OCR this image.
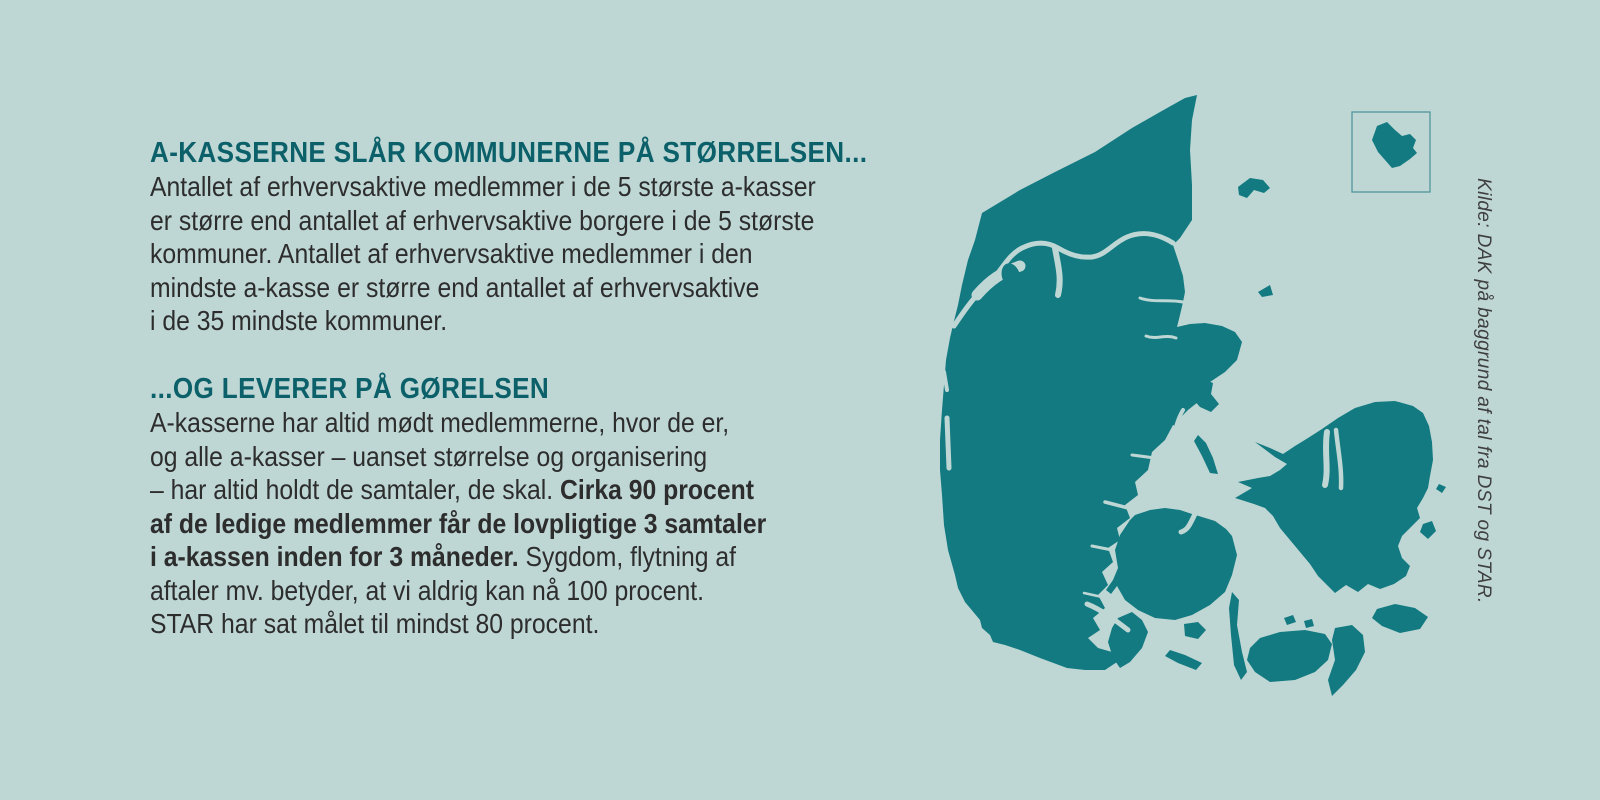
A-KASSERNE SLÅR KOMMUNERNE PÅ STØRRELSEN...
Antallet af erhvervsaktive medlemmer i de 5 største a-kasser
er større end antallet af erhvervsaktive borgere i de 5 største
kommuner. Antallet af erhvervsaktive medlemmer i den
mindste a-kasse er større end antallet af erhvervsaktive
i de 35 mindste kommuner.
...OG LEVERER PÅ GØRELSEN
A-kasserne har altid mødt medlemmerne, hvor de er,
og alle a-kasser – uanset størrelse og organisering
– har altid holdt de samtaler, de skal. Cirka 90 procent
af de ledige medlemmer får de lovpligtige 3 samtaler
i a-kassen inden for 3 måneder. Sygdom, flytning af
aftaler mv. betyder, at vi aldrig kan nå 100 procent.
STAR har sat målet til mindst 80 procent.
Kilde: DAK på baggrund af tal fra DST og STAR.
